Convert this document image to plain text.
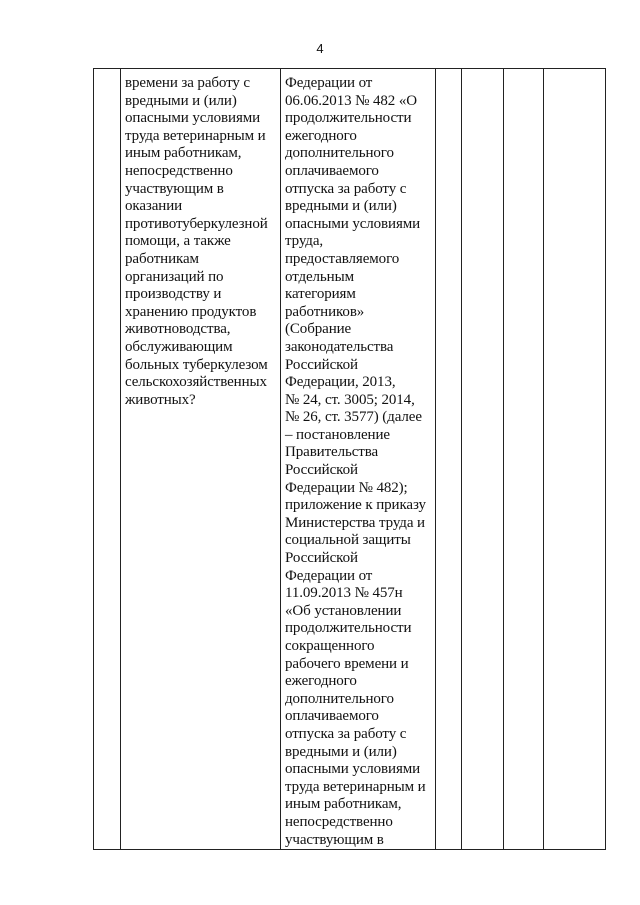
4

времени за работу с
вредными и (или)
опасными условиями
труда ветеринарным и
иным работникам,
непосредственно
участвующим в
оказании
противотуберкулезной
помощи, а также
работникам
организаций по
производству и
хранению продуктов
животноводства,
обслуживающим
больных туберкулезом
сельскохозяйственных
животных?

Федерации от
06.06.2013 № 482 «О
продолжительности
ежегодного
дополнительного
оплачиваемого
отпуска за работу с
вредными и (или)
опасными условиями
труда,
предоставляемого
отдельным
категориям
работников»
(Собрание
законодательства
Российской
Федерации, 2013,
№ 24, ст. 3005; 2014,
№ 26, ст. 3577) (далее
– постановление
Правительства
Российской
Федерации № 482);
приложение к приказу
Министерства труда и
социальной защиты
Российской
Федерации от
11.09.2013 № 457н
«Об установлении
продолжительности
сокращенного
рабочего времени и
ежегодного
дополнительного
оплачиваемого
отпуска за работу с
вредными и (или)
опасными условиями
труда ветеринарным и
иным работникам,
непосредственно
участвующим в
